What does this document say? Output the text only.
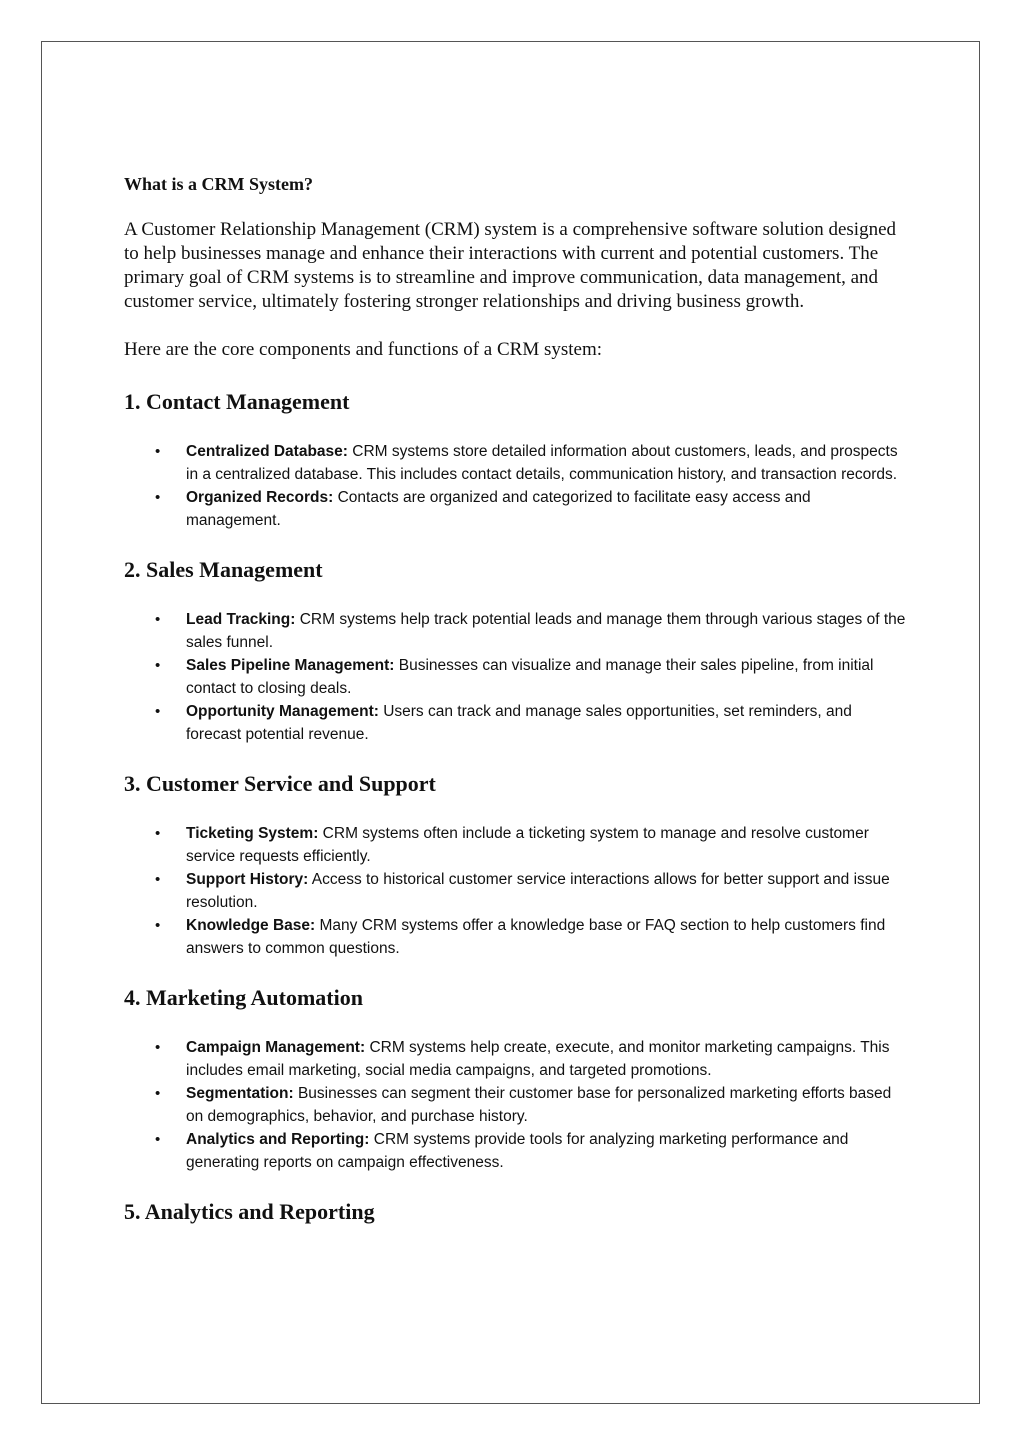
What is a CRM System?

A Customer Relationship Management (CRM) system is a comprehensive software solution designed to help businesses manage and enhance their interactions with current and potential customers. The primary goal of CRM systems is to streamline and improve communication, data management, and customer service, ultimately fostering stronger relationships and driving business growth.

Here are the core components and functions of a CRM system:

1. Contact Management
• Centralized Database: CRM systems store detailed information about customers, leads, and prospects in a centralized database. This includes contact details, communication history, and transaction records.
• Organized Records: Contacts are organized and categorized to facilitate easy access and management.
2. Sales Management
• Lead Tracking: CRM systems help track potential leads and manage them through various stages of the sales funnel.
• Sales Pipeline Management: Businesses can visualize and manage their sales pipeline, from initial contact to closing deals.
• Opportunity Management: Users can track and manage sales opportunities, set reminders, and forecast potential revenue.
3. Customer Service and Support
• Ticketing System: CRM systems often include a ticketing system to manage and resolve customer service requests efficiently.
• Support History: Access to historical customer service interactions allows for better support and issue resolution.
• Knowledge Base: Many CRM systems offer a knowledge base or FAQ section to help customers find answers to common questions.
4. Marketing Automation
• Campaign Management: CRM systems help create, execute, and monitor marketing campaigns. This includes email marketing, social media campaigns, and targeted promotions.
• Segmentation: Businesses can segment their customer base for personalized marketing efforts based on demographics, behavior, and purchase history.
• Analytics and Reporting: CRM systems provide tools for analyzing marketing performance and generating reports on campaign effectiveness.
5. Analytics and Reporting
